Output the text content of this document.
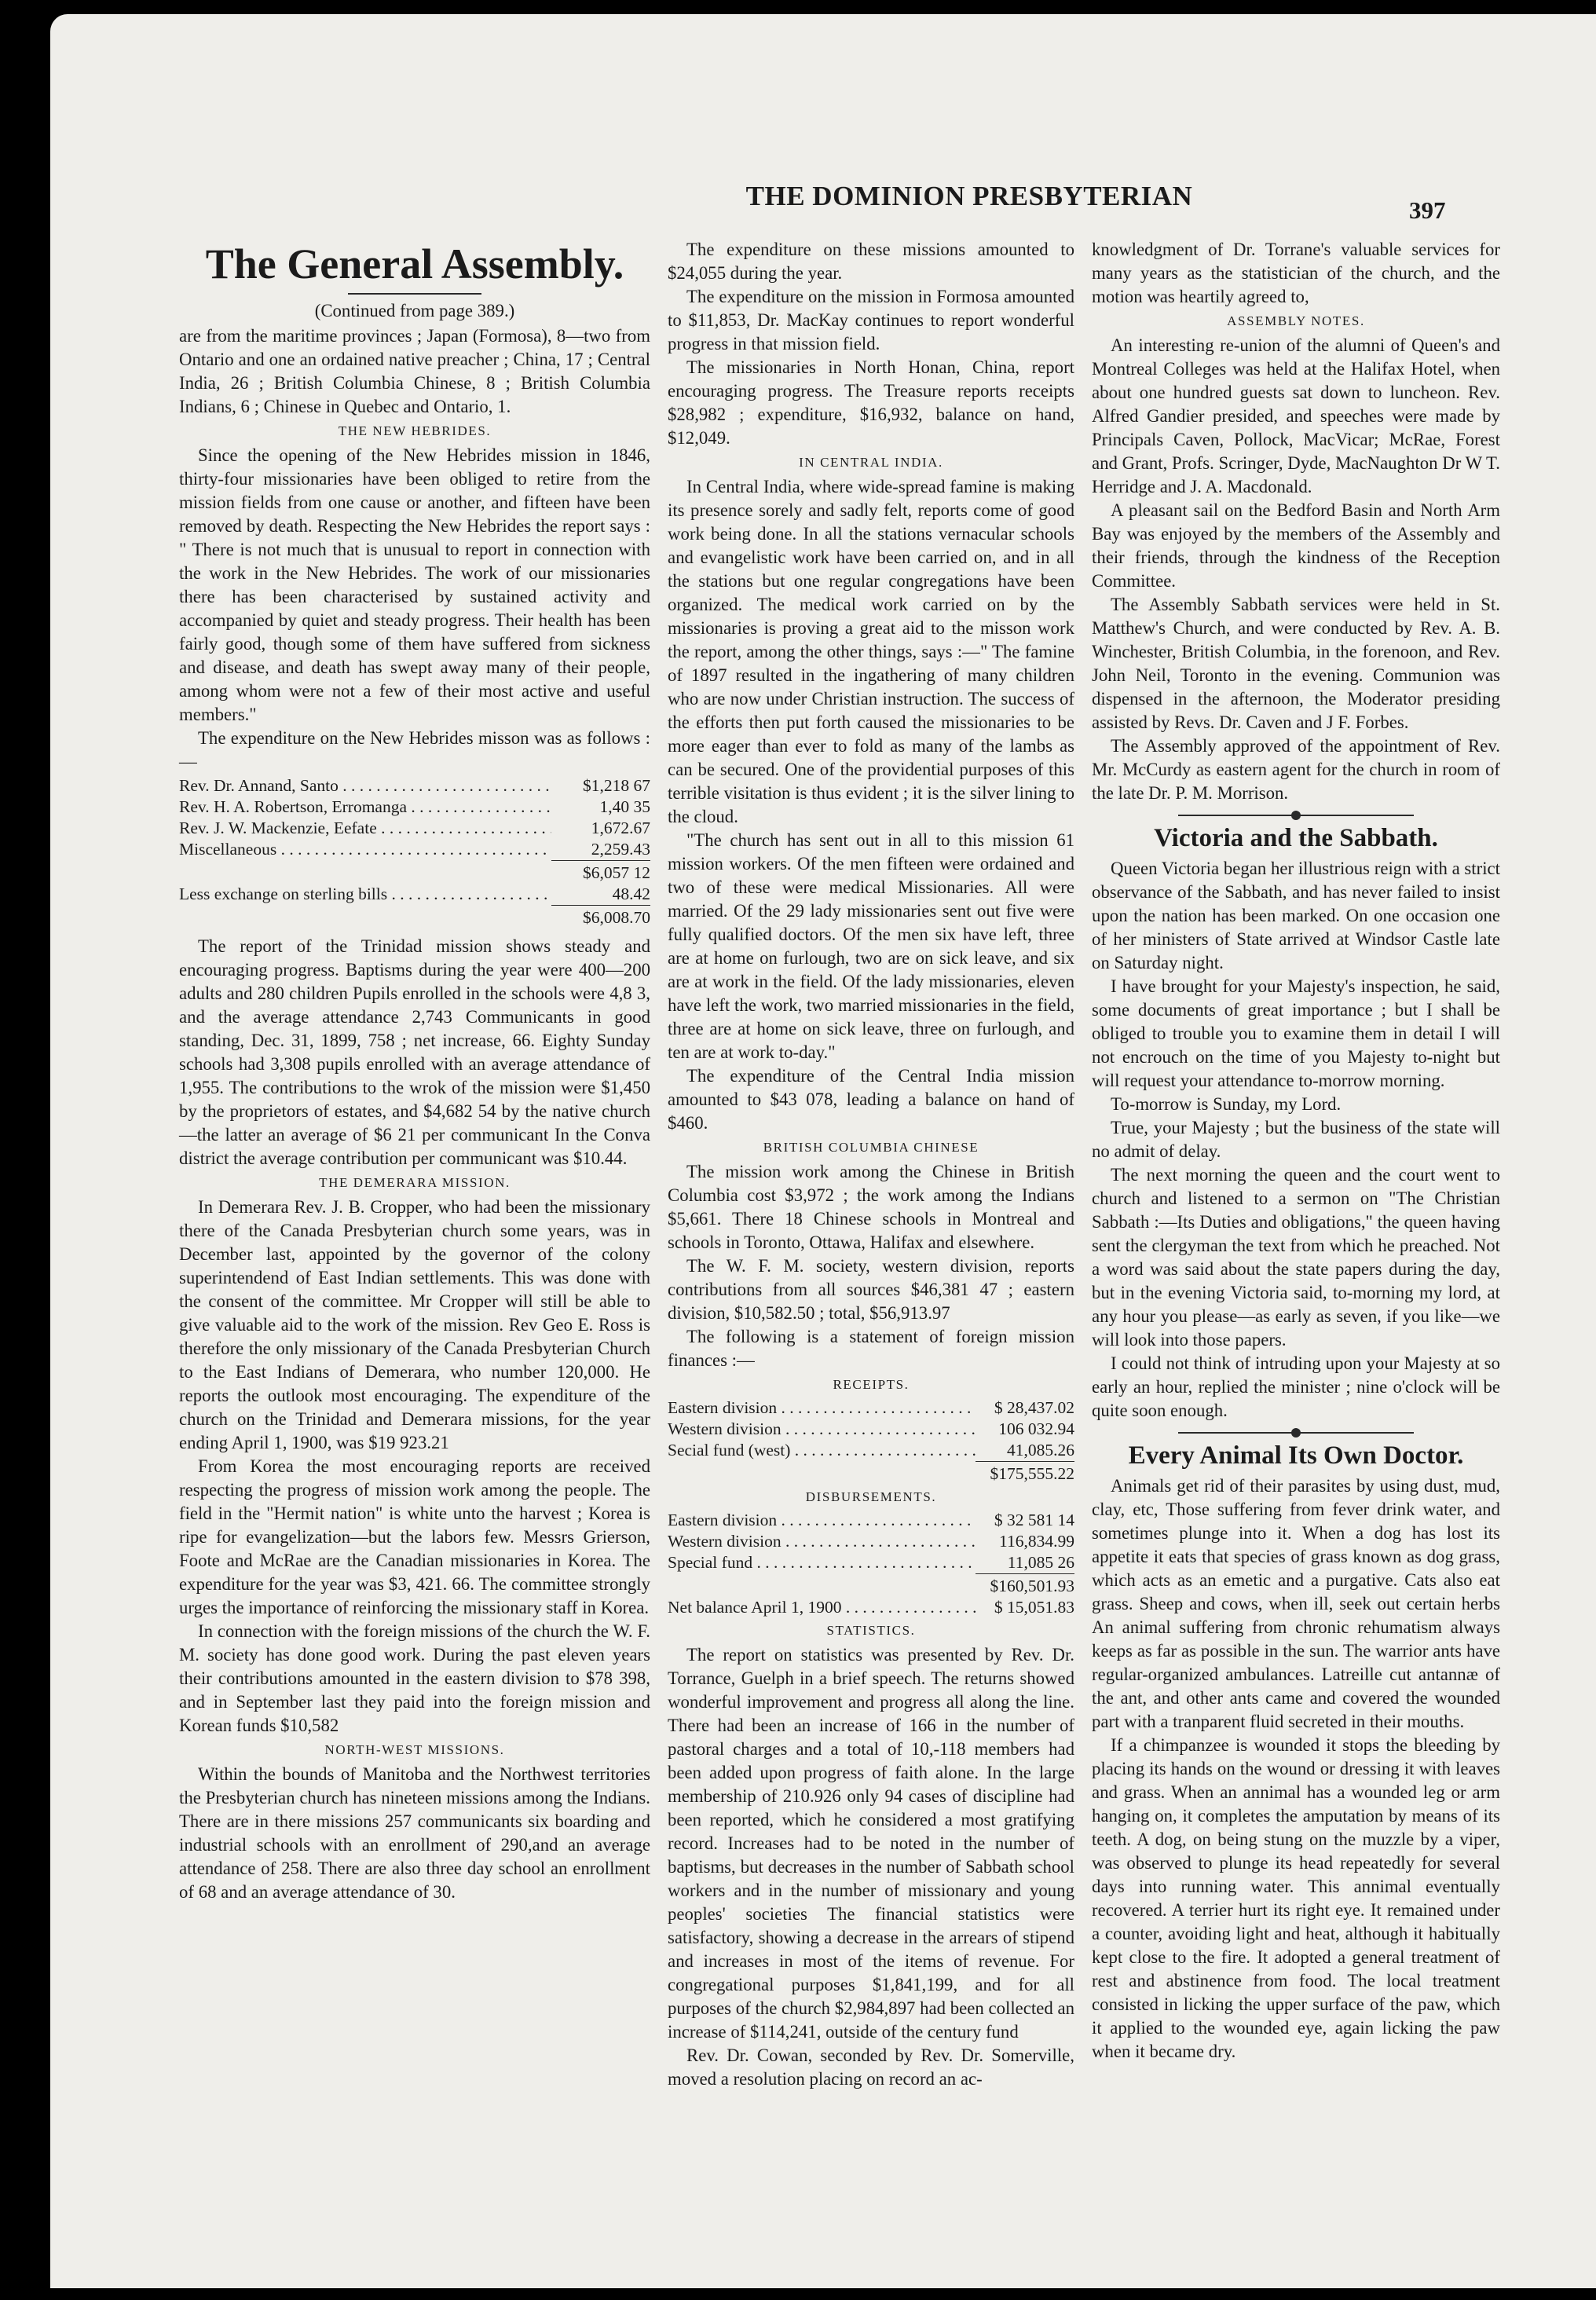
THE DOMINION PRESBYTERIAN	397
The General Assembly.
(Continued from page 389.)

are from the maritime provinces ; Japan (Formosa), 8—two from Ontario and one an ordained native preacher ; China, 17 ; Central India, 26 ; British Columbia Chinese, 8 ; British Columbia Indians, 6 ; Chinese in Quebec and Ontario, 1.

THE NEW HEBRIDES.

Since the opening of the New Hebrides mission in 1846, thirty-four missionaries have been obliged to retire from the mission fields from one cause or another, and fifteen have been removed by death. Respecting the New Hebrides the report says : " There is not much that is unusual to report in connection with the work in the New Hebrides. The work of our missionaries there has been characterised by sustained activity and accompanied by quiet and steady progress. Their health has been fairly good, though some of them have suffered from sickness and disease, and death has swept away many of their people, among whom were not a few of their most active and useful members."

The expenditure on the New Hebrides misson was as follows :—

Rev. Dr. Annand, Santo . . .	$1,218 67
Rev. H. A. Robertson, Erromanga . . .	1,40 35
Rev. J. W. Mackenzie, Eefate . . .	1,672.67
Miscellaneous . . .	2,259.43
$6,057 12
Less exchange on sterling bills . . .	48.42
$6,008.70

The report of the Trinidad mission shows steady and encouraging progress. Baptisms during the year were 400—200 adults and 280 children Pupils enrolled in the schools were 4,8 3, and the average attendance 2,743 Communicants in good standing, Dec. 31, 1899, 758 ; net increase, 66. Eighty Sunday schools had 3,308 pupils enrolled with an average attendance of 1,955. The contributions to the wrok of the mission were $1,450 by the proprietors of estates, and $4,682 54 by the native church—the latter an average of $6 21 per communicant In the Conva district the average contribution per communicant was $10.44.

THE DEMERARA MISSION.

In Demerara Rev. J. B. Cropper, who had been the missionary there of the Canada Presbyterian church some years, was in December last, appointed by the governor of the colony superintendend of East Indian settlements. This was done with the consent of the committee. Mr Cropper will still be able to give valuable aid to the work of the mission. Rev Geo E. Ross is therefore the only missionary of the Canada Presbyterian Church to the East Indians of Demerara, who number 120,000. He reports the outlook most encouraging. The expenditure of the church on the Trinidad and Demerara missions, for the year ending April 1, 1900, was $19 923.21

From Korea the most encouraging reports are received respecting the progress of mission work among the people. The field in the "Hermit nation" is white unto the harvest ; Korea is ripe for evangelization—but the labors few. Messrs Grierson, Foote and McRae are the Canadian missionaries in Korea. The expenditure for the year was $3, 421. 66. The committee strongly urges the importance of reinforcing the missionary staff in Korea.

In connection with the foreign missions of the church the W. F. M. society has done good work. During the past eleven years their contributions amounted in the eastern division to $78 398, and in September last they paid into the foreign mission and Korean funds $10,582

NORTH-WEST MISSIONS.

Within the bounds of Manitoba and the Northwest territories the Presbyterian church has nineteen missions among the Indians. There are in there missions 257 communicants six boarding and industrial schools with an enrollment of 290,and an average attendance of 258. There are also three day school an enrollment of 68 and an average attendance of 30.

The expenditure on these missions amounted to $24,055 during the year.

The expenditure on the mission in Formosa amounted to $11,853, Dr. MacKay continues to report wonderful progress in that mission field.

The missionaries in North Honan, China, report encouraging progress. The Treasure reports receipts $28,982 ; expenditure, $16,932, balance on hand, $12,049.

IN CENTRAL INDIA.

In Central India, where wide-spread famine is making its presence sorely and sadly felt, reports come of good work being done. In all the stations vernacular schools and evangelistic work have been carried on, and in all the stations but one regular congregations have been organized. The medical work carried on by the missionaries is proving a great aid to the misson work the report, among the other things, says :—" The famine of 1897 resulted in the ingathering of many children who are now under Christian instruction. The success of the efforts then put forth caused the missionaries to be more eager than ever to fold as many of the lambs as can be secured. One of the providential purposes of this terrible visitation is thus evident ; it is the silver lining to the cloud.

"The church has sent out in all to this mission 61 mission workers. Of the men fifteen were ordained and two of these were medical Missionaries. All were married. Of the 29 lady missionaries sent out five were fully qualified doctors. Of the men six have left, three are at home on furlough, two are on sick leave, and six are at work in the field. Of the lady missionaries, eleven have left the work, two married missionaries in the field, three are at home on sick leave, three on furlough, and ten are at work to-day."

The expenditure of the Central India mission amounted to $43 078, leading a balance on hand of $460.

BRITISH COLUMBIA CHINESE

The mission work among the Chinese in British Columbia cost $3,972 ; the work among the Indians $5,661. There 18 Chinese schools in Montreal and schools in Toronto, Ottawa, Halifax and elsewhere.

The W. F. M. society, western division, reports contributions from all sources $46,381 47 ; eastern division, $10,582.50 ; total, $56,913.97

The following is a statement of foreign mission finances :—

RECEIPTS.
Eastern division . . .	$ 28,437.02
Western division . . .	106 032.94
Secial fund (west) . . .	41,085.26
$175,555.22
DISBURSEMENTS.
Eastern division . . .	$ 32 581 14
Western division . . .	116,834.99
Special fund . . .	11,085 26
$160,501.93
Net balance April 1, 1900 . . .	$ 15,051.83
STATISTICS.

The report on statistics was presented by Rev. Dr. Torrance, Guelph in a brief speech. The returns showed wonderful improvement and progress all along the line. There had been an increase of 166 in the number of pastoral charges and a total of 10,-118 members had been added upon progress of faith alone. In the large membership of 210.926 only 94 cases of discipline had been reported, which he considered a most gratifying record. Increases had to be noted in the number of baptisms, but decreases in the number of Sabbath school workers and in the number of missionary and young peoples' societies The financial statistics were satisfactory, showing a decrease in the arrears of stipend and increases in most of the items of revenue. For congregational purposes $1,841,199, and for all purposes of the church $2,984,897 had been collected an increase of $114,241, outside of the century fund

Rev. Dr. Cowan, seconded by Rev. Dr. Somerville, moved a resolution placing on record an ac-

knowledgment of Dr. Torrane's valuable services for many years as the statistician of the church, and the motion was heartily agreed to,

ASSEMBLY NOTES.

An interesting re-union of the alumni of Queen's and Montreal Colleges was held at the Halifax Hotel, when about one hundred guests sat down to luncheon. Rev. Alfred Gandier presided, and speeches were made by Principals Caven, Pollock, MacVicar; McRae, Forest and Grant, Profs. Scringer, Dyde, MacNaughton Dr W T. Herridge and J. A. Macdonald.

A pleasant sail on the Bedford Basin and North Arm Bay was enjoyed by the members of the Assembly and their friends, through the kindness of the Reception Committee.

The Assembly Sabbath services were held in St. Matthew's Church, and were conducted by Rev. A. B. Winchester, British Columbia, in the forenoon, and Rev. John Neil, Toronto in the evening. Communion was dispensed in the afternoon, the Moderator presiding assisted by Revs. Dr. Caven and J F. Forbes.

The Assembly approved of the appointment of Rev. Mr. McCurdy as eastern agent for the church in room of the late Dr. P. M. Morrison.

Victoria and the Sabbath.

Queen Victoria began her illustrious reign with a strict observance of the Sabbath, and has never failed to insist upon the nation has been marked. On one occasion one of her ministers of State arrived at Windsor Castle late on Saturday night.

I have brought for your Majesty's inspection, he said, some documents of great importance ; but I shall be obliged to trouble you to examine them in detail I will not encrouch on the time of you Majesty to-night but will request your attendance to-morrow morning.

To-morrow is Sunday, my Lord.

True, your Majesty ; but the business of the state will no admit of delay.

The next morning the queen and the court went to church and listened to a sermon on "The Christian Sabbath :—Its Duties and obligations," the queen having sent the clergyman the text from which he preached. Not a word was said about the state papers during the day, but in the evening Victoria said, to-morning my lord, at any hour you please—as early as seven, if you like—we will look into those papers.

I could not think of intruding upon your Majesty at so early an hour, replied the minister ; nine o'clock will be quite soon enough.

Every Animal Its Own Doctor.

Animals get rid of their parasites by using dust, mud, clay, etc, Those suffering from fever drink water, and sometimes plunge into it. When a dog has lost its appetite it eats that species of grass known as dog grass, which acts as an emetic and a purgative. Cats also eat grass. Sheep and cows, when ill, seek out certain herbs An animal suffering from chronic rehumatism always keeps as far as possible in the sun. The warrior ants have regular-organized ambulances. Latreille cut antannæ of the ant, and other ants came and covered the wounded part with a tranparent fluid secreted in their mouths.

If a chimpanzee is wounded it stops the bleeding by placing its hands on the wound or dressing it with leaves and grass. When an annimal has a wounded leg or arm hanging on, it completes the amputation by means of its teeth. A dog, on being stung on the muzzle by a viper, was observed to plunge its head repeatedly for several days into running water. This annimal eventually recovered. A terrier hurt its right eye. It remained under a counter, avoiding light and heat, although it habitually kept close to the fire. It adopted a general treatment of rest and abstinence from food. The local treatment consisted in licking the upper surface of the paw, which it applied to the wounded eye, again licking the paw when it became dry.
